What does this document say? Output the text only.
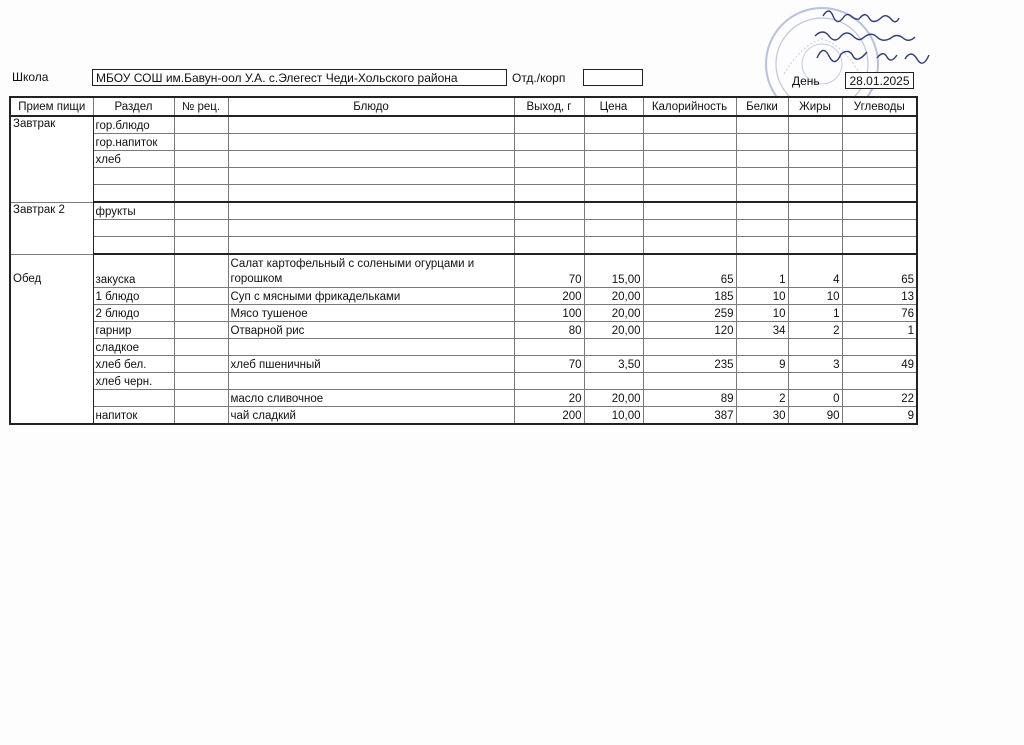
Школа	МБОУ СОШ им.Бавун-оол У.А. с.Элегест Чеди-Хольского района	Отд./корп	День	28.01.2025
Прием пищи	Раздел	№ рец.	Блюдо	Выход, г	Цена	Калорийность	Белки	Жиры	Углеводы
Завтрак	гор.блюдо								
	гор.напиток								
	хлеб								

Завтрак 2	фрукты								

Обед	закуска		Салат картофельный с солеными огурцами и горошком	70	15,00	65	1	4	65
	1 блюдо		Суп с мясными фрикадельками	200	20,00	185	10	10	13
	2 блюдо		Мясо тушеное	100	20,00	259	10	1	76
	гарнир		Отварной рис	80	20,00	120	34	2	1
	сладкое								
	хлеб бел.		хлеб пшеничный	70	3,50	235	9	3	49
	хлеб черн.								
			масло сливочное	20	20,00	89	2	0	22
	напиток		чай сладкий	200	10,00	387	30	90	9
